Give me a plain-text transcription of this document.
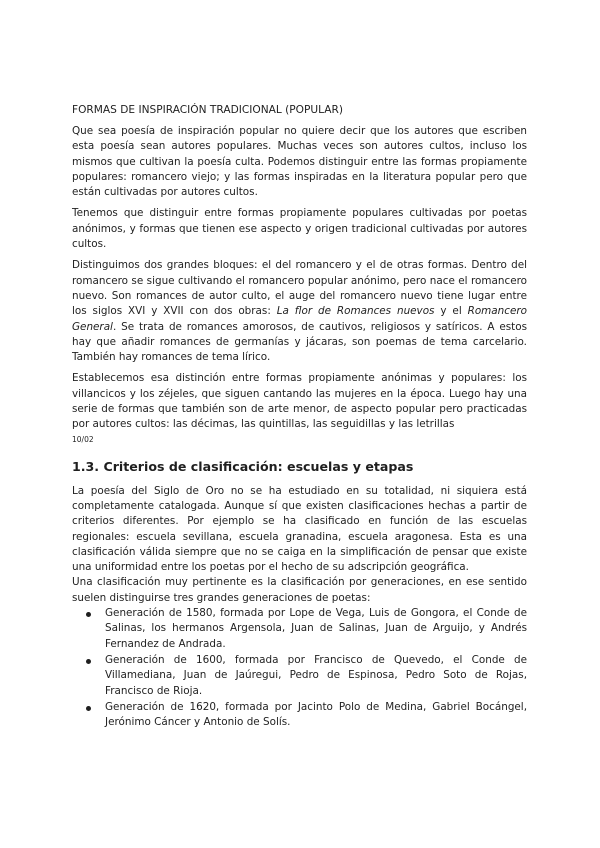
FORMAS DE INSPIRACIÓN TRADICIONAL (POPULAR)

Que sea poesía de inspiración popular no quiere decir que los autores que escriben esta poesía sean autores populares. Muchas veces son autores cultos, incluso los mismos que cultivan la poesía culta. Podemos distinguir entre las formas propiamente populares: romancero viejo; y las formas inspiradas en la literatura popular pero que están cultivadas por autores cultos.

Tenemos que distinguir entre formas propiamente populares cultivadas por poetas anónimos, y formas que tienen ese aspecto y origen tradicional cultivadas por autores cultos.

Distinguimos dos grandes bloques: el del romancero y el de otras formas. Dentro del romancero se sigue cultivando el romancero popular anónimo, pero nace el romancero nuevo. Son romances de autor culto, el auge del romancero nuevo tiene lugar entre los siglos XVI y XVII con dos obras: La flor de Romances nuevos y el Romancero General. Se trata de romances amorosos, de cautivos, religiosos y satíricos. A estos hay que añadir romances de germanías y jácaras, son poemas de tema carcelario. También hay romances de tema lírico.

Establecemos esa distinción entre formas propiamente anónimas y populares: los villancicos y los zéjeles, que siguen cantando las mujeres en la época. Luego hay una serie de formas que también son de arte menor, de aspecto popular pero practicadas por autores cultos: las décimas, las quintillas, las seguidillas y las letrillas

10/02

1.3. Criterios de clasificación: escuelas y etapas

La poesía del Siglo de Oro no se ha estudiado en su totalidad, ni siquiera está completamente catalogada. Aunque sí que existen clasificaciones hechas a partir de criterios diferentes. Por ejemplo se ha clasificado en función de las escuelas regionales: escuela sevillana, escuela granadina, escuela aragonesa. Esta es una clasificación válida siempre que no se caiga en la simplificación de pensar que existe una uniformidad entre los poetas por el hecho de su adscripción geográfica.

Una clasificación muy pertinente es la clasificación por generaciones, en ese sentido suelen distinguirse tres grandes generaciones de poetas:

Generación de 1580, formada por Lope de Vega, Luis de Gongora, el Conde de Salinas, los hermanos Argensola, Juan de Salinas, Juan de Arguijo, y Andrés Fernandez de Andrada.
Generación de 1600, formada por Francisco de Quevedo, el Conde de Villamediana, Juan de Jaúregui, Pedro de Espinosa, Pedro Soto de Rojas, Francisco de Rioja.
Generación de 1620, formada por Jacinto Polo de Medina, Gabriel Bocángel, Jerónimo Cáncer y Antonio de Solís.
